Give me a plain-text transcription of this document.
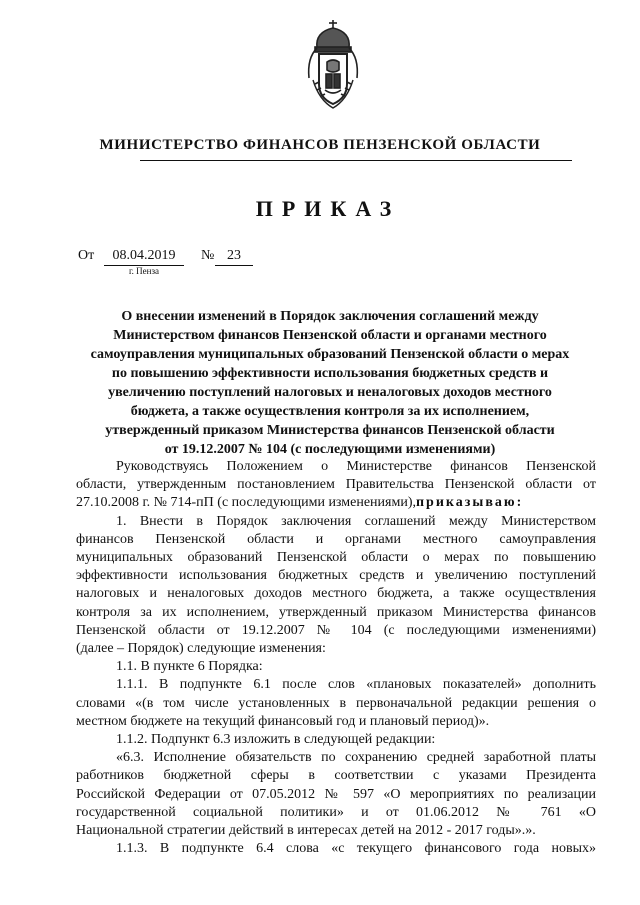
МИНИСТЕРСТВО ФИНАНСОВ ПЕНЗЕНСКОЙ ОБЛАСТИ
ПРИКАЗ
От	08.04.2019	№ 23
г. Пенза
О внесении изменений в Порядок заключения соглашений между
Министерством финансов Пензенской области и органами местного
самоуправления муниципальных образований Пензенской области о мерах
по повышению эффективности использования бюджетных средств и
увеличению поступлений налоговых и неналоговых доходов местного
бюджета, а также осуществления контроля за их исполнением,
утвержденный приказом Министерства финансов Пензенской области
от 19.12.2007 № 104 (с последующими изменениями)
Руководствуясь Положением о Министерстве финансов Пензенской
области, утвержденным постановлением Правительства Пензенской области от
27.10.2008 г. № 714-пП (с последующими изменениями),приказываю:
1. Внести в Порядок заключения соглашений между Министерством
финансов Пензенской области и органами местного самоуправления
муниципальных образований Пензенской области о мерах по повышению
эффективности использования бюджетных средств и увеличению поступлений
налоговых и неналоговых доходов местного бюджета, а также осуществления
контроля за их исполнением, утвержденный приказом Министерства финансов
Пензенской области от 19.12.2007 № 104 (с последующими изменениями)
(далее – Порядок) следующие изменения:
1.1. В пункте 6 Порядка:
1.1.1. В подпункте 6.1 после слов «плановых показателей» дополнить
словами «(в том числе установленных в первоначальной редакции решения о
местном бюджете на текущий финансовый год и плановый период)».
1.1.2. Подпункт 6.3 изложить в следующей редакции:
«6.3. Исполнение обязательств по сохранению средней заработной платы
работников бюджетной сферы в соответствии с указами Президента
Российской Федерации от 07.05.2012 № 597 «О мероприятиях по реализации
государственной социальной политики» и от 01.06.2012 № 761 «О
Национальной стратегии действий в интересах детей на 2012 - 2017 годы».».
1.1.3. В подпункте 6.4 слова «с текущего финансового года новых»
